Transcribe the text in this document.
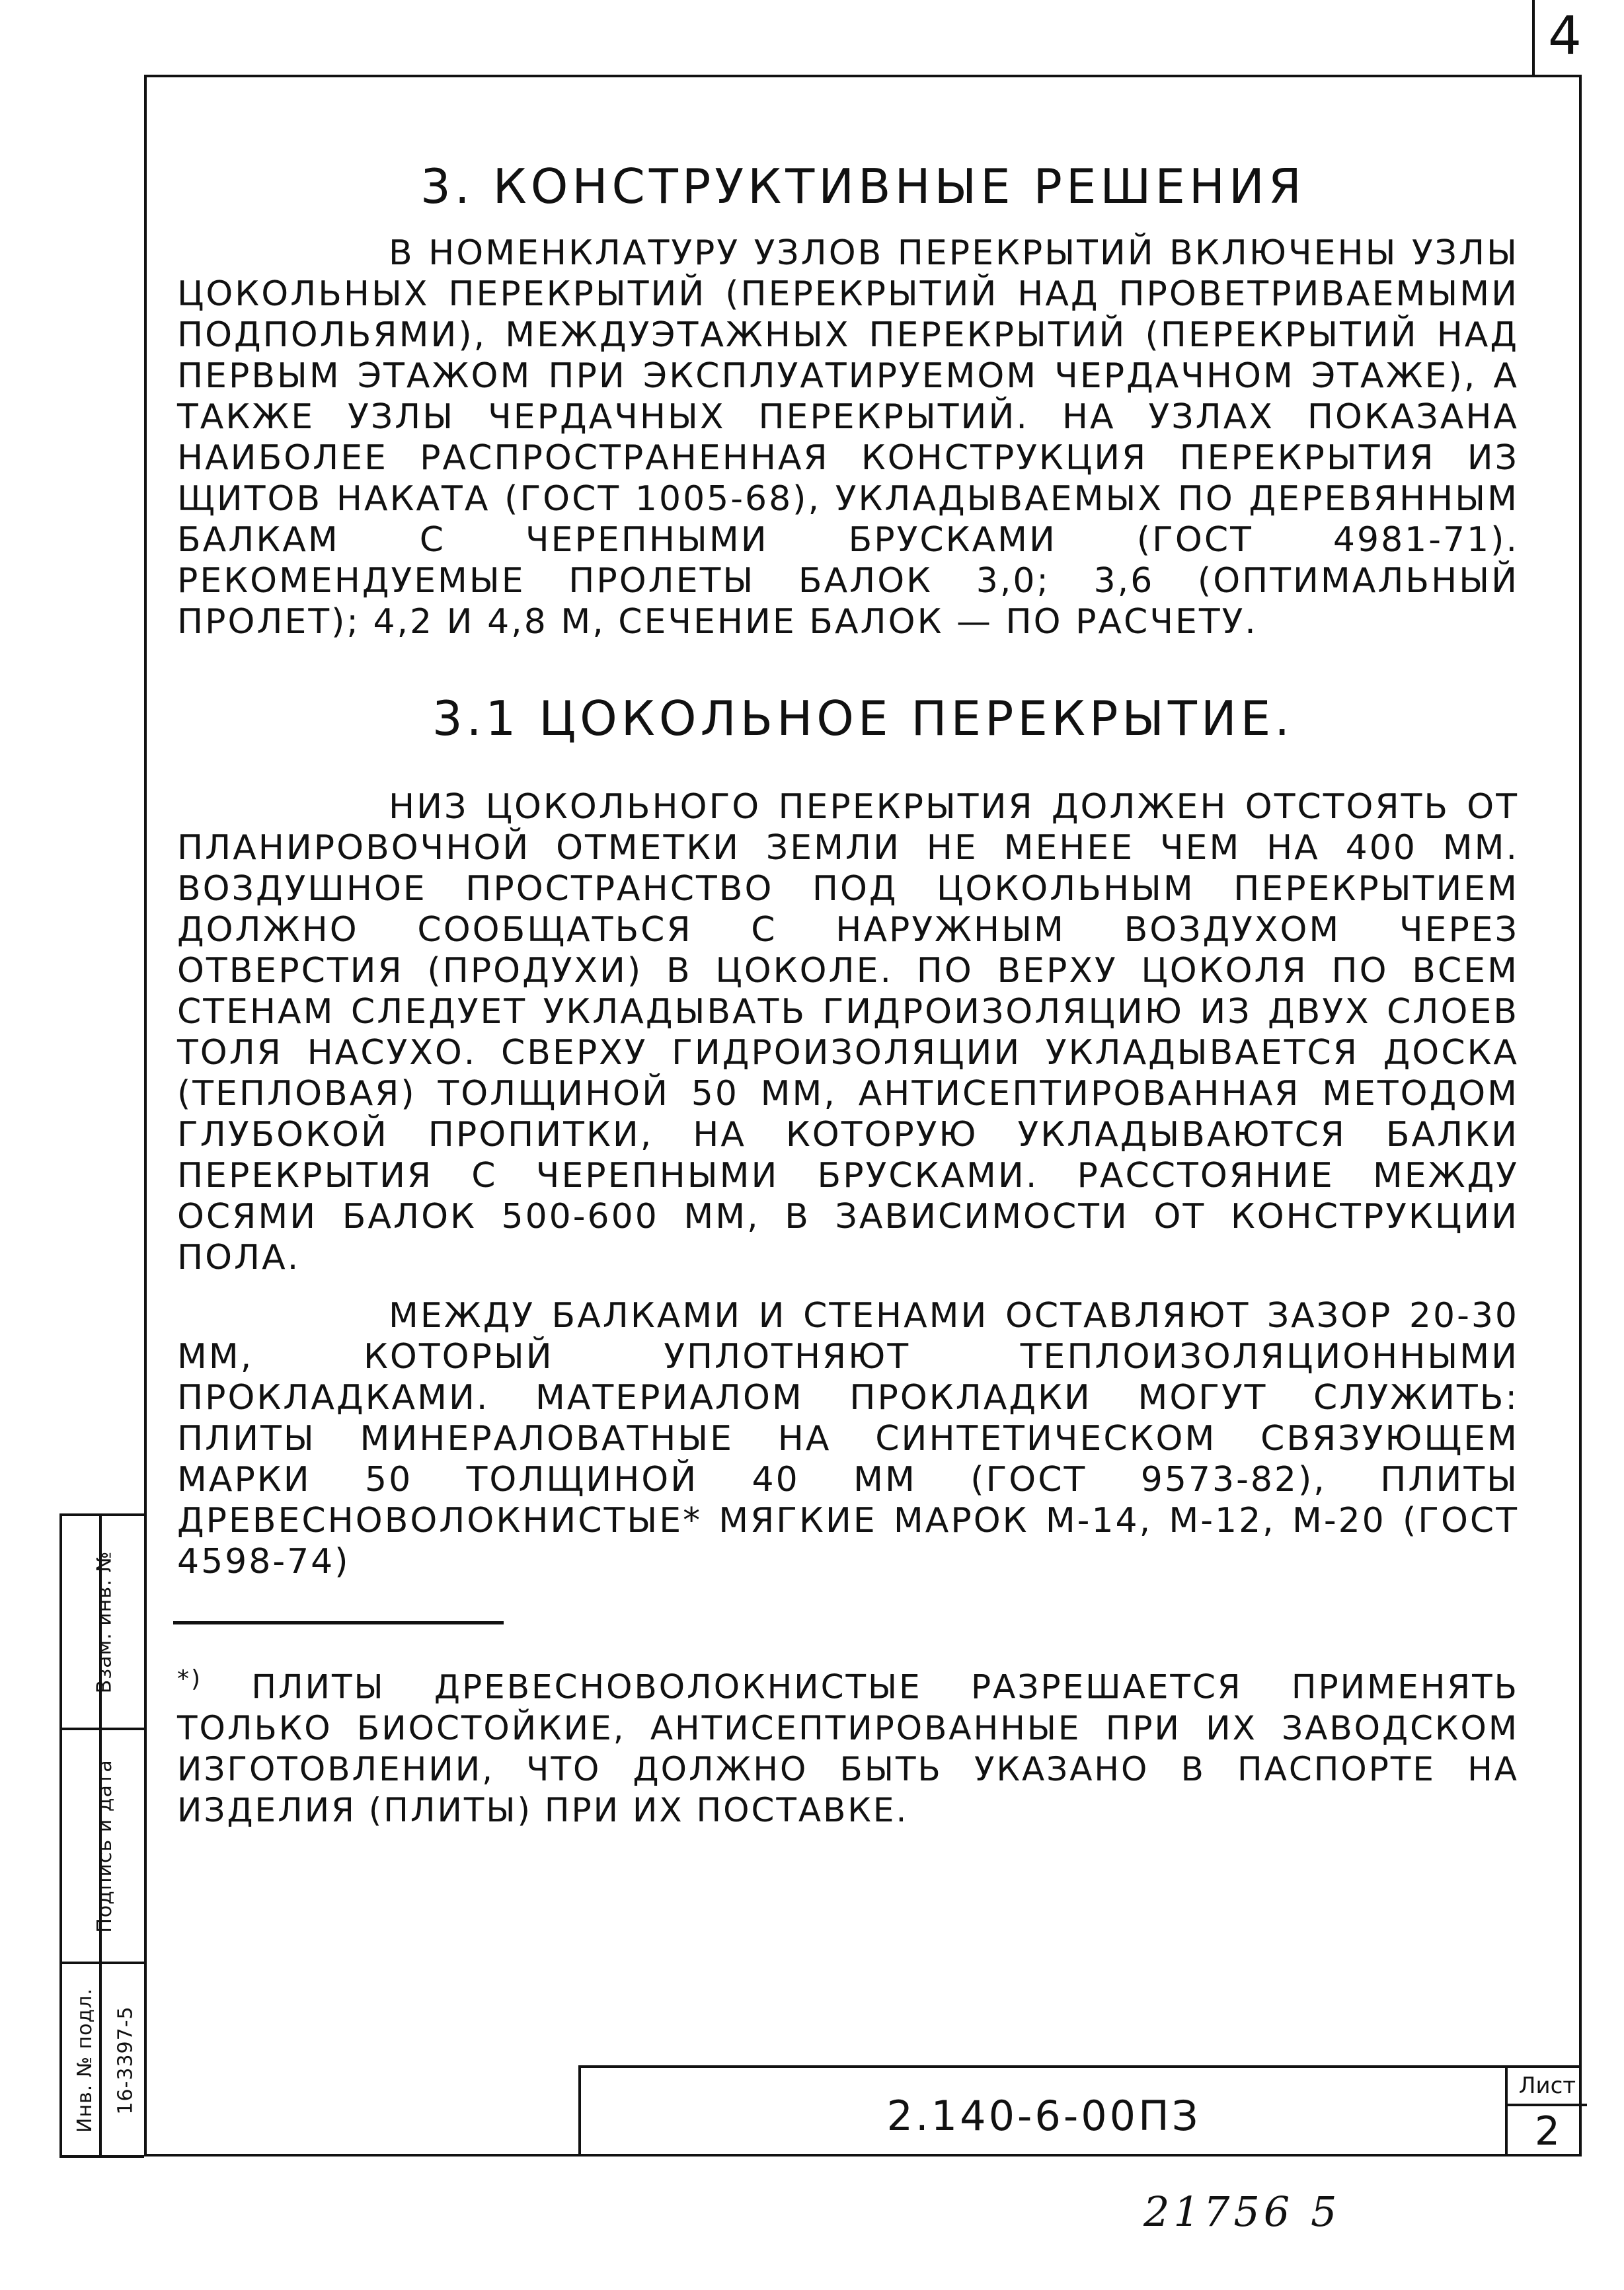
4
3. КОНСТРУКТИВНЫЕ РЕШЕНИЯ
В НОМЕНКЛАТУРУ УЗЛОВ ПЕРЕКРЫТИЙ ВКЛЮЧЕНЫ УЗЛЫ ЦОКОЛЬНЫХ ПЕРЕКРЫТИЙ (ПЕРЕКРЫТИЙ НАД ПРОВЕТРИВАЕМЫМИ ПОДПОЛЬЯМИ), МЕЖДУЭТАЖНЫХ ПЕРЕКРЫТИЙ (ПЕРЕКРЫТИЙ НАД ПЕРВЫМ ЭТАЖОМ ПРИ ЭКСПЛУАТИРУЕМОМ ЧЕРДАЧНОМ ЭТАЖЕ), А ТАКЖЕ УЗЛЫ ЧЕРДАЧНЫХ ПЕРЕКРЫТИЙ. НА УЗЛАХ ПОКАЗАНА НАИБОЛЕЕ РАСПРОСТРАНЕННАЯ КОНСТРУКЦИЯ ПЕРЕКРЫТИЯ ИЗ ЩИТОВ НАКАТА (ГОСТ 1005-68), УКЛАДЫВАЕМЫХ ПО ДЕРЕВЯННЫМ БАЛКАМ С ЧЕРЕПНЫМИ БРУСКАМИ (ГОСТ 4981-71). РЕКОМЕНДУЕМЫЕ ПРОЛЕТЫ БАЛОК 3,0; 3,6 (ОПТИМАЛЬНЫЙ ПРОЛЕТ); 4,2 И 4,8 М, СЕЧЕНИЕ БАЛОК — ПО РАСЧЕТУ.
3.1 ЦОКОЛЬНОЕ ПЕРЕКРЫТИЕ.
НИЗ ЦОКОЛЬНОГО ПЕРЕКРЫТИЯ ДОЛЖЕН ОТСТОЯТЬ ОТ ПЛАНИРОВОЧНОЙ ОТМЕТКИ ЗЕМЛИ НЕ МЕНЕЕ ЧЕМ НА 400 ММ. ВОЗДУШНОЕ ПРОСТРАНСТВО ПОД ЦОКОЛЬНЫМ ПЕРЕКРЫТИЕМ ДОЛЖНО СООБЩАТЬСЯ С НАРУЖНЫМ ВОЗДУХОМ ЧЕРЕЗ ОТВЕРСТИЯ (ПРОДУХИ) В ЦОКОЛЕ. ПО ВЕРХУ ЦОКОЛЯ ПО ВСЕМ СТЕНАМ СЛЕДУЕТ УКЛАДЫВАТЬ ГИДРОИЗОЛЯЦИЮ ИЗ ДВУХ СЛОЕВ ТОЛЯ НАСУХО. СВЕРХУ ГИДРОИЗОЛЯЦИИ УКЛАДЫВАЕТСЯ ДОСКА (ТЕПЛОВАЯ) ТОЛЩИНОЙ 50 ММ, АНТИСЕПТИРОВАННАЯ МЕТОДОМ ГЛУБОКОЙ ПРОПИТКИ, НА КОТОРУЮ УКЛАДЫВАЮТСЯ БАЛКИ ПЕРЕКРЫТИЯ С ЧЕРЕПНЫМИ БРУСКАМИ. РАССТОЯНИЕ МЕЖДУ ОСЯМИ БАЛОК 500-600 ММ, В ЗАВИСИМОСТИ ОТ КОНСТРУКЦИИ ПОЛА.
МЕЖДУ БАЛКАМИ И СТЕНАМИ ОСТАВЛЯЮТ ЗАЗОР 20-30 ММ, КОТОРЫЙ УПЛОТНЯЮТ ТЕПЛОИЗОЛЯЦИОННЫМИ ПРОКЛАДКАМИ. МАТЕРИАЛОМ ПРОКЛАДКИ МОГУТ СЛУЖИТЬ: ПЛИТЫ МИНЕРАЛОВАТНЫЕ НА СИНТЕТИЧЕСКОМ СВЯЗУЮЩЕМ МАРКИ 50 ТОЛЩИНОЙ 40 ММ (ГОСТ 9573-82), ПЛИТЫ ДРЕВЕСНОВОЛОКНИСТЫЕ* МЯГКИЕ МАРОК М-14, М-12, М-20 (ГОСТ 4598-74)
*) ПЛИТЫ ДРЕВЕСНОВОЛОКНИСТЫЕ РАЗРЕШАЕТСЯ ПРИМЕНЯТЬ ТОЛЬКО БИОСТОЙКИЕ, АНТИСЕПТИРОВАННЫЕ ПРИ ИХ ЗАВОДСКОМ ИЗГОТОВЛЕНИИ, ЧТО ДОЛЖНО БЫТЬ УКАЗАНО В ПАСПОРТЕ НА ИЗДЕЛИЯ (ПЛИТЫ) ПРИ ИХ ПОСТАВКЕ.
Взам. инв. №
Подпись и дата
Инв. № подл. 16-3397-5
2.140-6-00ПЗ
Лист
2
21756 5
